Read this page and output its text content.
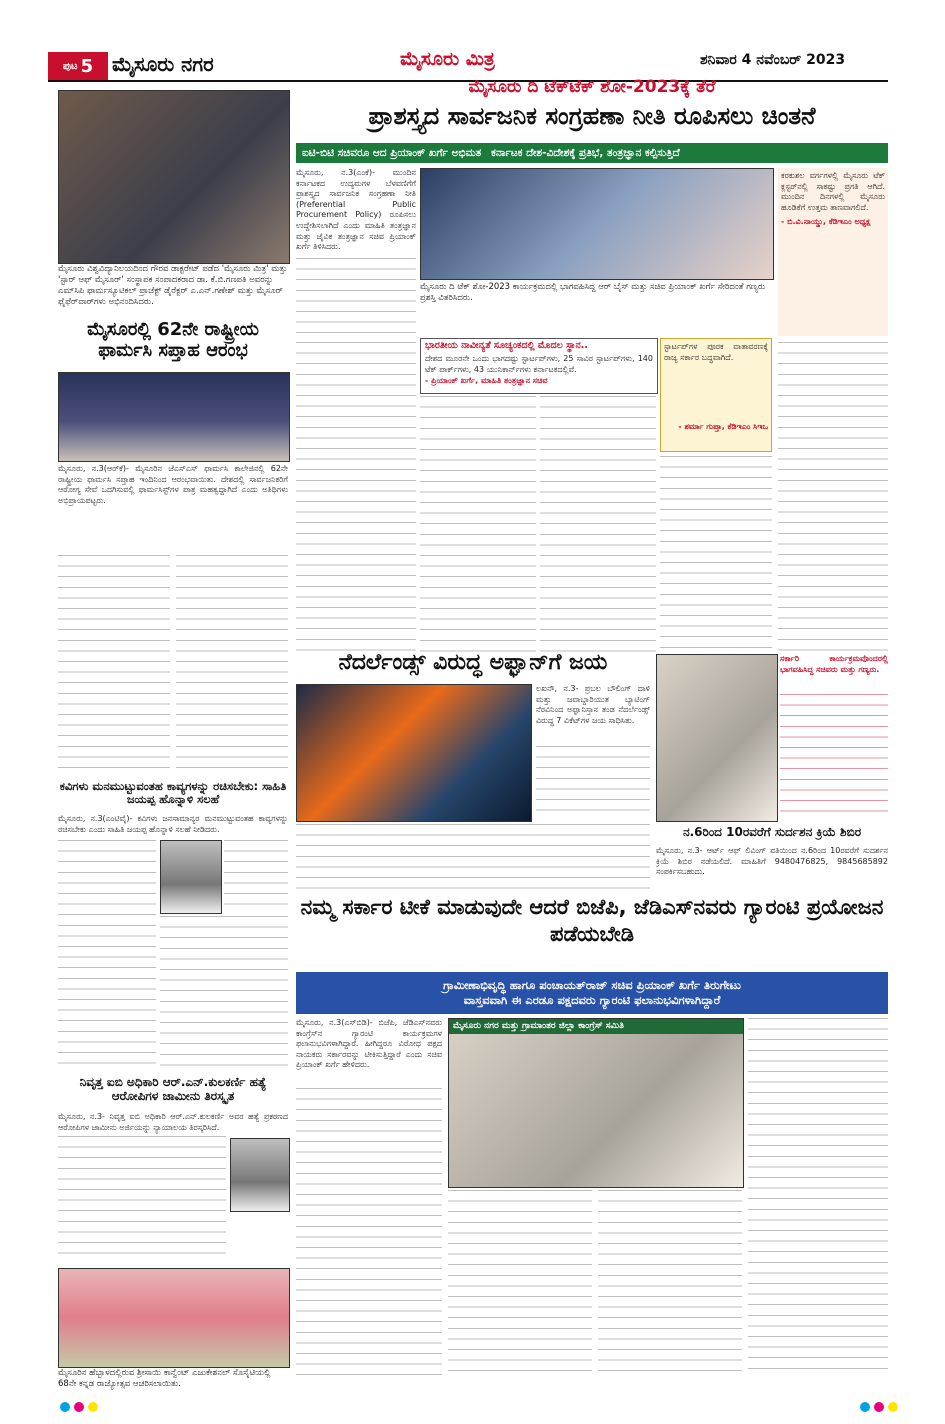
ಪುಟ 5 ಮೈಸೂರು ನಗರ	ಮೈಸೂರು ಮಿತ್ರ	ಶನಿವಾರ 4 ನವೆಂಬರ್ 2023
ಮೈಸೂರು ವಿಶ್ವವಿದ್ಯಾನಿಲಯದಿಂದ ಗೌರವ ಡಾಕ್ಟರೇಟ್ ಪಡೆದ 'ಮೈಸೂರು ಮಿತ್ರ' ಮತ್ತು 'ಸ್ಟಾರ್ ಆಫ್ ಮೈಸೂರ್' ಸಂಸ್ಥಾಪಕ ಸಂಪಾದಕರಾದ ಡಾ. ಕೆ.ಬಿ.ಗಣಪತಿ ಅವರನ್ನು ಎಮ್‌ಸಿಪಿ ಫಾರ್ಮಸ್ಯೂಟಿಕಲ್ ಪ್ರಾಜೆಕ್ಟ್ ಡೈರೆಕ್ಟರ್ ಎ.ಎನ್.ಗಣೇಶ್ ಮತ್ತು ಮೈಸೂರ್ ಫೈಫೆರ್‌ವಾರ್‌ಗಳು ಅಭಿನಂದಿಸಿದರು.
ಮೈಸೂರಲ್ಲಿ 62ನೇ ರಾಷ್ಟ್ರೀಯ ಫಾರ್ಮಸಿ ಸಪ್ತಾಹ ಆರಂಭ
ಮೈಸೂರು, ನ.3(ಆರ್‌ಕೆ)- ಮೈಸೂರಿನ ಜೆಎಸ್‌ಎಸ್ ಫಾರ್ಮಸಿ ಕಾಲೇಜಿನಲ್ಲಿ 62ನೇ ರಾಷ್ಟ್ರೀಯ ಫಾರ್ಮಸಿ ಸಪ್ತಾಹ ಇಂದಿನಿಂದ ಆರಂಭವಾಯಿತು. ದೇಶದಲ್ಲಿ ಸಾರ್ವಜನಿಕರಿಗೆ ಆರೋಗ್ಯ ಸೇವೆ ಒದಗಿಸುವಲ್ಲಿ ಫಾರ್ಮಸಿಸ್ಟ್‌ಗಳ ಪಾತ್ರ ಮಹತ್ವದ್ದಾಗಿದೆ ಎಂದು ಅತಿಥಿಗಳು ಅಭಿಪ್ರಾಯಪಟ್ಟರು.
ಕವಿಗಳು ಮನಮುಟ್ಟುವಂತಹ ಕಾವ್ಯಗಳನ್ನು ರಚಿಸಬೇಕು: ಸಾಹಿತಿ ಜಯಪ್ಪ ಹೊನ್ನಾಳಿ ಸಲಹೆ
ಮೈಸೂರು, ನ.3(ಎಂಟಿವೈ)- ಕವಿಗಳು ಜನಸಾಮಾನ್ಯರ ಮನಮುಟ್ಟುವಂತಹ ಕಾವ್ಯಗಳನ್ನು ರಚಿಸಬೇಕು ಎಂದು ಸಾಹಿತಿ ಜಯಪ್ಪ ಹೊನ್ನಾಳಿ ಸಲಹೆ ನೀಡಿದರು.
ನಿವೃತ್ತ ಐಬಿ ಅಧಿಕಾರಿ ಆರ್.ಎನ್.ಕುಲಕರ್ಣಿ ಹತ್ಯೆ ಆರೋಪಿಗಳ ಜಾಮೀನು ತಿರಸ್ಕೃತ
ಮೈಸೂರು, ನ.3- ನಿವೃತ್ತ ಐಬಿ ಅಧಿಕಾರಿ ಆರ್.ಎನ್.ಕುಲಕರ್ಣಿ ಅವರ ಹತ್ಯೆ ಪ್ರಕರಣದ ಆರೋಪಿಗಳ ಜಾಮೀನು ಅರ್ಜಿಯನ್ನು ನ್ಯಾಯಾಲಯ ತಿರಸ್ಕರಿಸಿದೆ.
ಮೈಸೂರಿನ ಹೆಬ್ಬಾಳದಲ್ಲಿರುವ ಶ್ರೀಸಾಯಿ ಕಾನ್ವೆಂಟ್ ಎಜುಕೇಶನಲ್ ಸೊಸೈಟಿಯಲ್ಲಿ 68ನೇ ಕನ್ನಡ ರಾಜ್ಯೋತ್ಸವ ಆಚರಿಸಲಾಯಿತು.
ಮೈಸೂರು ದಿ ಟೆಕ್‌ಟೆಕ್ ಶೋ-2023ಕ್ಕೆ ತೆರೆ
ಪ್ರಾಶಸ್ತ್ಯದ ಸಾರ್ವಜನಿಕ ಸಂಗ್ರಹಣಾ ನೀತಿ ರೂಪಿಸಲು ಚಿಂತನೆ
ಐಟಿ-ಬಿಟಿ ಸಚಿವರೂ ಆದ ಪ್ರಿಯಾಂಕ್ ಖರ್ಗೆ ಅಭಿಮತ ಕರ್ನಾಟಕ ದೇಶ-ವಿದೇಶಕ್ಕೆ ಪ್ರತಿಭೆ, ತಂತ್ರಜ್ಞಾನ ಕಲ್ಪಿಸುತ್ತಿದೆ
ಮೈಸೂರು, ನ.3(ಎಂಕೆ)- ಮುಂದಿನ ಕರ್ನಾಟಕದ ಉದ್ಯಮಗಳ ಬೆಳವಣಿಗೆಗೆ ಪ್ರಾಶಸ್ತ್ಯದ ಸಾರ್ವಜನಿಕ ಸಂಗ್ರಹಣಾ ನೀತಿ (Preferential Public Procurement Policy) ರೂಪಿಸಲು ಉದ್ದೇಶಿಸಲಾಗಿದೆ ಎಂದು ಮಾಹಿತಿ ತಂತ್ರಜ್ಞಾನ ಮತ್ತು ಜೈವಿಕ ತಂತ್ರಜ್ಞಾನ ಸಚಿವ ಪ್ರಿಯಾಂಕ್ ಖರ್ಗೆ ತಿಳಿಸಿದರು.
ಮೈಸೂರು ದಿ ಟೆಕ್ ಶೋ-2023 ಕಾರ್ಯಕ್ರಮದಲ್ಲಿ ಭಾಗವಹಿಸಿದ್ದ ಆರ್ ಬೈಸ್ ಮತ್ತು ಸಚಿವ ಪ್ರಿಯಾಂಕ್ ಖರ್ಗೆ ಸೇರಿದಂತೆ ಗಣ್ಯರು ಪ್ರಶಸ್ತಿ ವಿತರಿಸಿದರು.
ಕರಕುಶಲ ವರ್ಗಗಳಲ್ಲಿ ಮೈಸೂರು ಟೆಕ್ ಕ್ಲಸ್ಟರ್‌ನಲ್ಲಿ ಸಾಕಷ್ಟು ಪ್ರಗತಿ ಆಗಿದೆ. ಮುಂದಿನ ದಿನಗಳಲ್ಲಿ ಮೈಸೂರು ಹೂಡಿಕೆಗೆ ಉತ್ತಮ ತಾಣವಾಗಲಿದೆ.
- ಬಿ.ವಿ.ನಾಯ್ಡು, ಕೆಡಿಇಎಂ ಅಧ್ಯಕ್ಷ
ಭಾರತೀಯ ನಾವೀನ್ಯತೆ ಸೂಚ್ಯಂಕದಲ್ಲಿ ಮೊದಲ ಸ್ಥಾನ..
ದೇಶದ ಮೂರನೇ ಒಂದು ಭಾಗದಷ್ಟು ಸ್ಟಾರ್ಟಪ್‌ಗಳು, 25 ಸಾವಿರ ಸ್ಟಾರ್ಟಪ್‌ಗಳು, 140 ಟೆಕ್ ಪಾರ್ಕ್‌ಗಳು, 43 ಯುನಿಕಾರ್ನ್‌ಗಳು ಕರ್ನಾಟಕದಲ್ಲಿವೆ.
- ಪ್ರಿಯಾಂಕ್ ಖರ್ಗೆ, ಮಾಹಿತಿ ತಂತ್ರಜ್ಞಾನ ಸಚಿವ
ಸ್ಟಾರ್ಟಪ್‌ಗಳ ಪೂರಕ ವಾತಾವರಣಕ್ಕೆ ರಾಜ್ಯ ಸರ್ಕಾರ ಬದ್ಧವಾಗಿದೆ.
- ಶರ್ಮಾ ಗುಪ್ತಾ, ಕೆಡಿಇಎಂ ಸಿಇಒ
ನೆದರ್ಲೆಂಡ್ಸ್ ವಿರುದ್ಧ ಅಫ್ಘಾನ್‌ಗೆ ಜಯ
ಲಖನೌ, ನ.3- ಪ್ರಬಲ ಬೌಲಿಂಗ್ ದಾಳಿ ಮತ್ತು ಜವಾಬ್ದಾರಿಯುತ ಬ್ಯಾಟಿಂಗ್ ನೆರವಿನಿಂದ ಅಫ್ಘಾನಿಸ್ತಾನ ತಂಡ ನೆದರ್ಲೆಂಡ್ಸ್ ವಿರುದ್ಧ 7 ವಿಕೆಟ್‌ಗಳ ಜಯ ಸಾಧಿಸಿತು.
ಸರ್ಕಾರಿ ಕಾರ್ಯಕ್ರಮವೊಂದರಲ್ಲಿ ಭಾಗವಹಿಸಿದ್ದ ಸಚಿವರು ಮತ್ತು ಗಣ್ಯರು.
ನ.6ರಿಂದ 10ರವರೆಗೆ ಸುರ್ದಶನ ಕ್ರಿಯೆ ಶಿಬಿರ
ಮೈಸೂರು, ನ.3- ಆರ್ಟ್ ಆಫ್ ಲಿವಿಂಗ್ ವತಿಯಿಂದ ನ.6ರಿಂದ 10ರವರೆಗೆ ಸುದರ್ಶನ ಕ್ರಿಯೆ ಶಿಬಿರ ನಡೆಯಲಿದೆ. ಮಾಹಿತಿಗೆ 9480476825, 9845685892 ಸಂಪರ್ಕಿಸಬಹುದು.
ನಮ್ಮ ಸರ್ಕಾರ ಟೀಕೆ ಮಾಡುವುದೇ ಆದರೆ ಬಿಜೆಪಿ, ಜೆಡಿಎಸ್‌ನವರು ಗ್ಯಾರಂಟಿ ಪ್ರಯೋಜನ ಪಡೆಯಬೇಡಿ
ಗ್ರಾಮೀಣಾಭಿವೃದ್ಧಿ ಹಾಗೂ ಪಂಚಾಯತ್‌ರಾಜ್ ಸಚಿವ ಪ್ರಿಯಾಂಕ್ ಖರ್ಗೆ ತಿರುಗೇಟು
ವಾಸ್ತವವಾಗಿ ಈ ಎರಡೂ ಪಕ್ಷದವರು ಗ್ಯಾರಂಟಿ ಫಲಾನುಭವಿಗಳಾಗಿದ್ದಾರೆ
ಮೈಸೂರು, ನ.3(ಎಸ್‌ಬಿಡಿ)- ಬಿಜೆಪಿ, ಜೆಡಿಎಸ್‌ನವರು ಕಾಂಗ್ರೆಸ್‌ನ ಗ್ಯಾರಂಟಿ ಕಾರ್ಯಕ್ರಮಗಳ ಫಲಾನುಭವಿಗಳಾಗಿದ್ದಾರೆ. ಹೀಗಿದ್ದರೂ ವಿರೋಧ ಪಕ್ಷದ ನಾಯಕರು ಸರ್ಕಾರವನ್ನು ಟೀಕಿಸುತ್ತಿದ್ದಾರೆ ಎಂದು ಸಚಿವ ಪ್ರಿಯಾಂಕ್ ಖರ್ಗೆ ಹೇಳಿದರು.
ಮೈಸೂರು ನಗರ ಮತ್ತು ಗ್ರಾಮಾಂತರ ಜಿಲ್ಲಾ ಕಾಂಗ್ರೆಸ್ ಸಮಿತಿ
